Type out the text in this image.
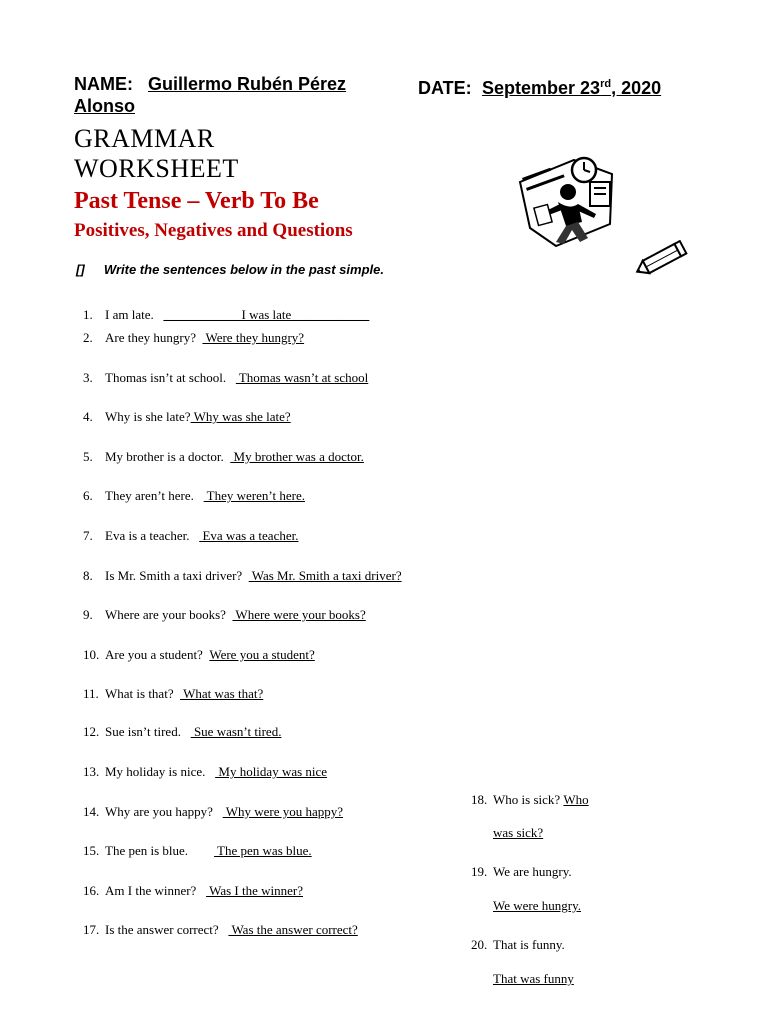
NAME: Guillermo Rubén Pérez
Alonso
DATE: September 23rd, 2020
GRAMMAR
WORKSHEET
Past Tense – Verb To Be
Positives, Negatives and Questions
[] Write the sentences below in the past simple.
1. I am late. ____________I was late____________
2. Are they hungry?   Were they hungry?
3. Thomas isn’t at school.    Thomas wasn’t at school
4. Why is she late? Why was she late?
5. My brother is a doctor.   My brother was a doctor.
6. They aren’t here.    They weren’t here.
7. Eva is a teacher.    Eva was a teacher.
8. Is Mr. Smith a taxi driver?   Was Mr. Smith a taxi driver?
9. Where are your books?   Where were your books?
10. Are you a student? Were you a student?
11. What is that?   What was that?
12. Sue isn’t tired.    Sue wasn’t tired.
13. My holiday is nice.    My holiday was nice
14. Why are you happy?    Why were you happy?
15. The pen is blue.         The pen was blue.
16. Am I the winner?    Was I the winner?
17. Is the answer correct?    Was the answer correct?
18. Who is sick? Who
was sick?
19. We are hungry.
We were hungry.
20. That is funny.
That was funny
